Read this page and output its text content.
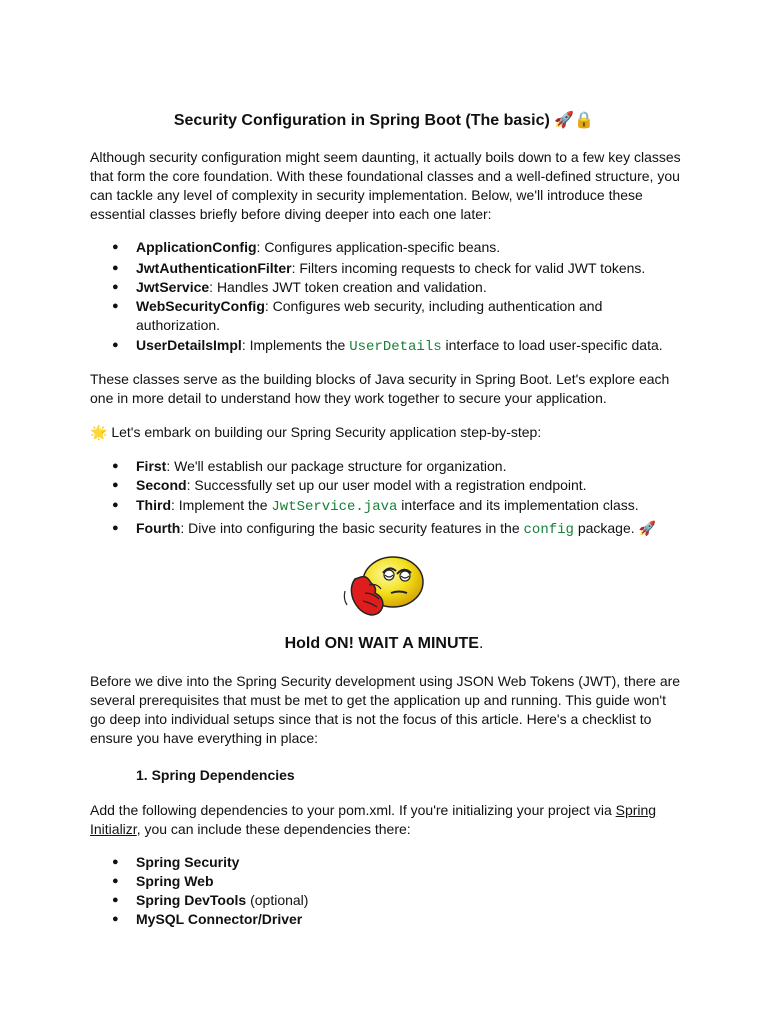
Security Configuration in Spring Boot (The basic) 🚀🔒

Although security configuration might seem daunting, it actually boils down to a few key classes that form the core foundation. With these foundational classes and a well-defined structure, you can tackle any level of complexity in security implementation. Below, we'll introduce these essential classes briefly before diving deeper into each one later:

● ApplicationConfig: Configures application-specific beans.
● JwtAuthenticationFilter: Filters incoming requests to check for valid JWT tokens.
● JwtService: Handles JWT token creation and validation.
● WebSecurityConfig: Configures web security, including authentication and authorization.
● UserDetailsImpl: Implements the UserDetails interface to load user-specific data.

These classes serve as the building blocks of Java security in Spring Boot. Let's explore each one in more detail to understand how they work together to secure your application.

🌟 Let's embark on building our Spring Security application step-by-step:

● First: We'll establish our package structure for organization.
● Second: Successfully set up our user model with a registration endpoint.
● Third: Implement the JwtService.java interface and its implementation class.
● Fourth: Dive into configuring the basic security features in the config package. 🚀
Hold ON! WAIT A MINUTE.

Before we dive into the Spring Security development using JSON Web Tokens (JWT), there are several prerequisites that must be met to get the application up and running. This guide won't go deep into individual setups since that is not the focus of this article. Here's a checklist to ensure you have everything in place:

1. Spring Dependencies

Add the following dependencies to your pom.xml. If you're initializing your project via Spring Initializr, you can include these dependencies there:

● Spring Security
● Spring Web
● Spring DevTools (optional)
● MySQL Connector/Driver
